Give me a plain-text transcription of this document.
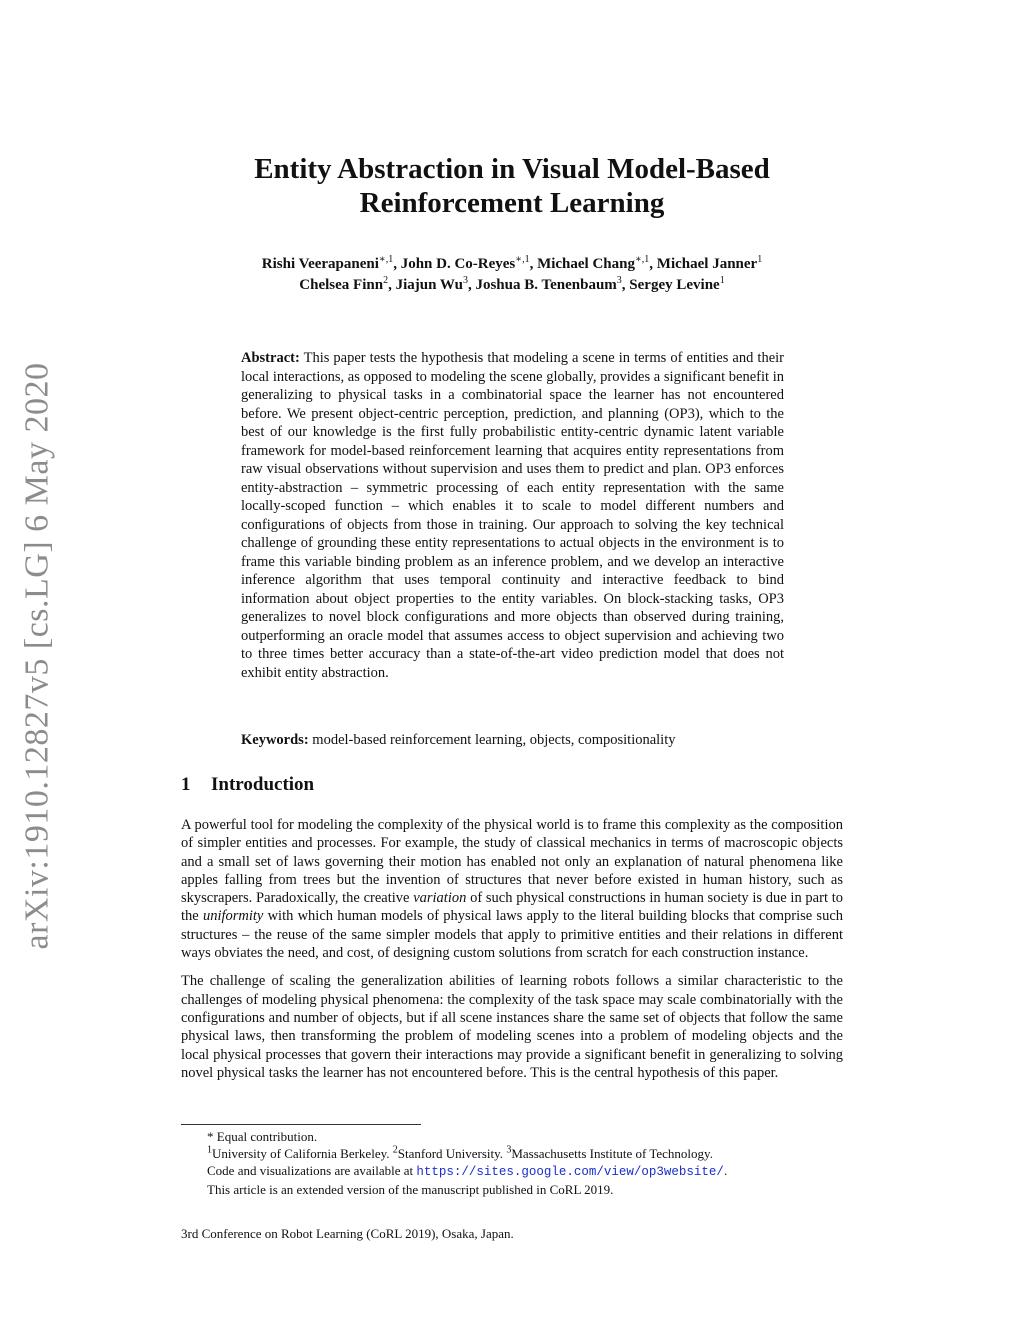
arXiv:1910.12827v5 [cs.LG] 6 May 2020
Entity Abstraction in Visual Model-Based
Reinforcement Learning
Rishi Veerapaneni$^{∗,1}$, John D. Co-Reyes$^{∗,1}$, Michael Chang$^{∗,1}$, Michael Janner$^1$
Chelsea Finn$^2$, Jiajun Wu$^3$, Joshua B. Tenenbaum$^3$, Sergey Levine$^1$
Abstract: This paper tests the hypothesis that modeling a scene in terms of entities and their local interactions, as opposed to modeling the scene globally, provides a significant benefit in generalizing to physical tasks in a combinatorial space the learner has not encountered before. We present object-centric perception, prediction, and planning (OP3), which to the best of our knowledge is the first fully probabilistic entity-centric dynamic latent variable framework for model-based reinforcement learning that acquires entity representations from raw visual observations without supervision and uses them to predict and plan. OP3 enforces entity-abstraction – symmetric processing of each entity representation with the same locally-scoped function – which enables it to scale to model different numbers and configurations of objects from those in training. Our approach to solving the key technical challenge of grounding these entity representations to actual objects in the environment is to frame this variable binding problem as an inference problem, and we develop an interactive inference algorithm that uses temporal continuity and interactive feedback to bind information about object properties to the entity variables. On block-stacking tasks, OP3 generalizes to novel block configurations and more objects than observed during training, outperforming an oracle model that assumes access to object supervision and achieving two to three times better accuracy than a state-of-the-art video prediction model that does not exhibit entity abstraction.
Keywords: model-based reinforcement learning, objects, compositionality
1 Introduction

A powerful tool for modeling the complexity of the physical world is to frame this complexity as the composition of simpler entities and processes. For example, the study of classical mechanics in terms of macroscopic objects and a small set of laws governing their motion has enabled not only an explanation of natural phenomena like apples falling from trees but the invention of structures that never before existed in human history, such as skyscrapers. Paradoxically, the creative variation of such physical constructions in human society is due in part to the uniformity with which human models of physical laws apply to the literal building blocks that comprise such structures – the reuse of the same simpler models that apply to primitive entities and their relations in different ways obviates the need, and cost, of designing custom solutions from scratch for each construction instance.

The challenge of scaling the generalization abilities of learning robots follows a similar characteristic to the challenges of modeling physical phenomena: the complexity of the task space may scale combinatorially with the configurations and number of objects, but if all scene instances share the same set of objects that follow the same physical laws, then transforming the problem of modeling scenes into a problem of modeling objects and the local physical processes that govern their interactions may provide a significant benefit in generalizing to solving novel physical tasks the learner has not encountered before. This is the central hypothesis of this paper.

* Equal contribution.
$^1$University of California Berkeley. $^2$Stanford University. $^3$Massachusetts Institute of Technology.
Code and visualizations are available at https://sites.google.com/view/op3website/.
This article is an extended version of the manuscript published in CoRL 2019.
3rd Conference on Robot Learning (CoRL 2019), Osaka, Japan.
